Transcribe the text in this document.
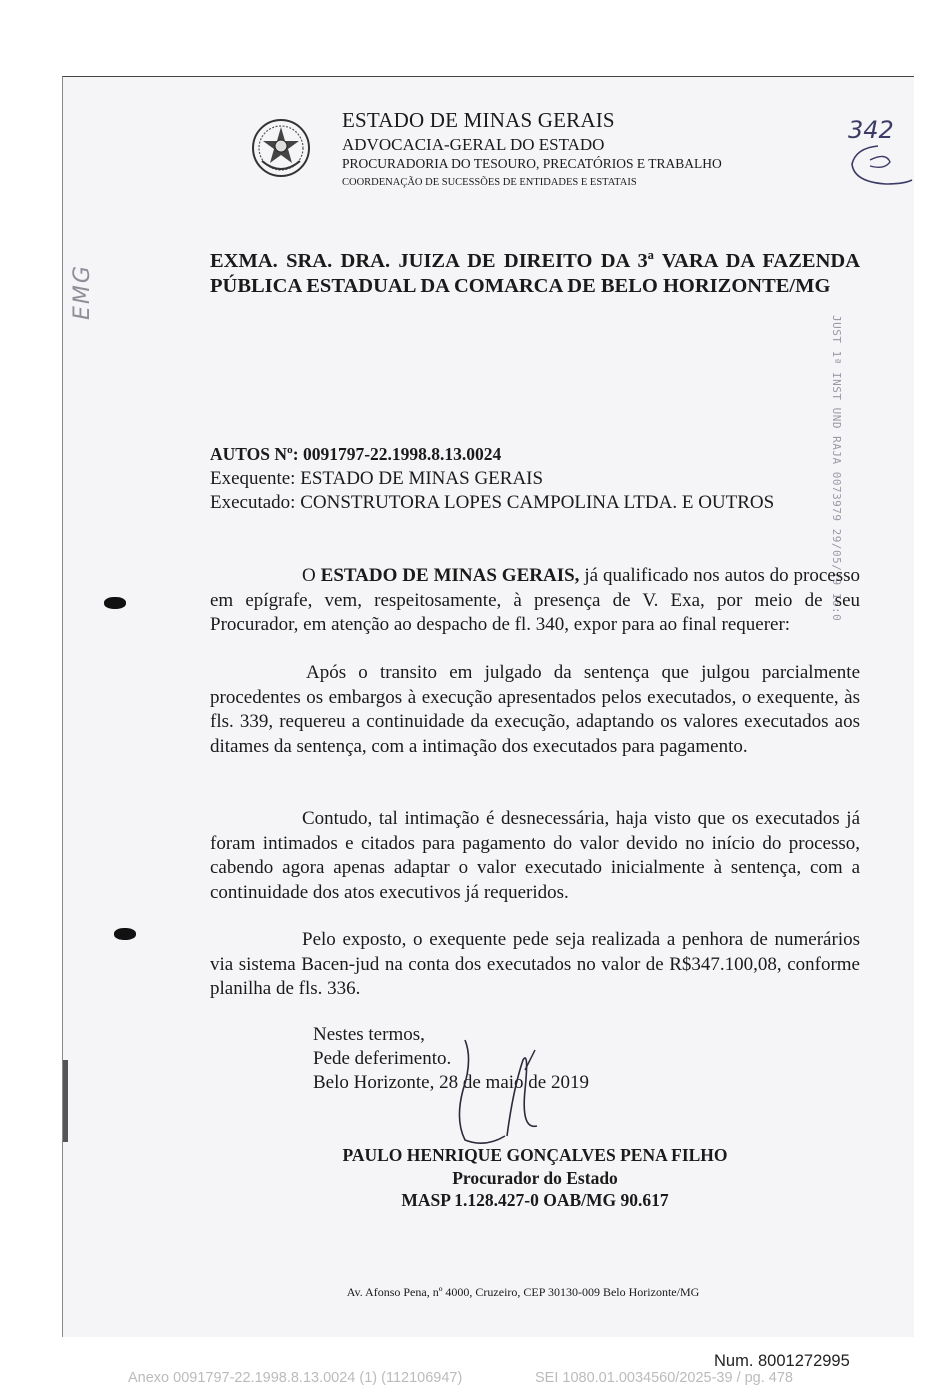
ESTADO DE MINAS GERAIS
ADVOCACIA-GERAL DO ESTADO
PROCURADORIA DO TESOURO, PRECATÓRIOS E TRABALHO
COORDENAÇÃO DE SUCESSÕES DE ENTIDADES E ESTATAIS
342
EMG
EXMA. SRA. DRA. JUIZA DE DIREITO DA 3ª VARA DA FAZENDA PÚBLICA ESTADUAL DA COMARCA DE BELO HORIZONTE/MG
JUST 1ª INST UND RAJA 0073979 29/05/19 16:0
AUTOS Nº: 0091797-22.1998.8.13.0024
Exequente: ESTADO DE MINAS GERAIS
Executado: CONSTRUTORA LOPES CAMPOLINA LTDA. E OUTROS
O ESTADO DE MINAS GERAIS, já qualificado nos autos do processo em epígrafe, vem, respeitosamente, à presença de V. Exa, por meio de seu Procurador, em atenção ao despacho de fl. 340, expor para ao final requerer:
Após o transito em julgado da sentença que julgou parcialmente procedentes os embargos à execução apresentados pelos executados, o exequente, às fls. 339, requereu a continuidade da execução, adaptando os valores executados aos ditames da sentença, com a intimação dos executados para pagamento.
Contudo, tal intimação é desnecessária, haja visto que os executados já foram intimados e citados para pagamento do valor devido no início do processo, cabendo agora apenas adaptar o valor executado inicialmente à sentença, com a continuidade dos atos executivos já requeridos.
Pelo exposto, o exequente pede seja realizada a penhora de numerários via sistema Bacen-jud na conta dos executados no valor de R$347.100,08, conforme planilha de fls. 336.
Nestes termos,
Pede deferimento.
Belo Horizonte, 28 de maio de 2019
PAULO HENRIQUE GONÇALVES PENA FILHO
Procurador do Estado
MASP 1.128.427-0 OAB/MG 90.617
Av. Afonso Pena, nº 4000, Cruzeiro, CEP 30130-009 Belo Horizonte/MG
Num. 8001272995
Anexo 0091797-22.1998.8.13.0024 (1) (112106947)	SEI 1080.01.0034560/2025-39 / pg. 478
